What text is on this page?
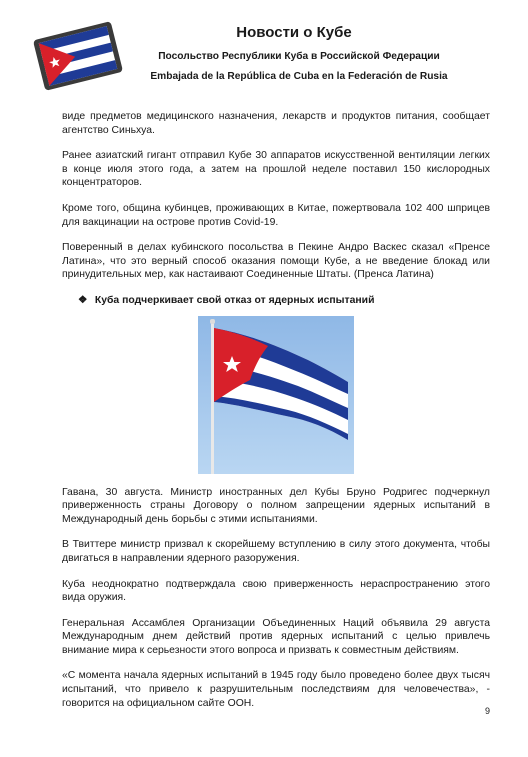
Новости о Кубе
Посольство Республики Куба в Российской Федерации
Embajada de la República de Cuba en la Federación de Rusia

виде предметов медицинского назначения, лекарств и продуктов питания, сообщает агентство Синьхуа.

Ранее азиатский гигант отправил Кубе 30 аппаратов искусственной вентиляции легких в конце июля этого года, а затем на прошлой неделе поставил 150 кислородных концентраторов.

Кроме того, община кубинцев, проживающих в Китае, пожертвовала 102 400 шприцев для вакцинации на острове против Covid-19.

Поверенный в делах кубинского посольства в Пекине Андро Васкес сказал «Пренсе Латина», что это верный способ оказания помощи Кубе, а не введение блокад или принудительных мер, как настаивают Соединенные Штаты. (Пренса Латина)

❖ Куба подчеркивает свой отказ от ядерных испытаний

Гавана, 30 августа. Министр иностранных дел Кубы Бруно Родригес подчеркнул приверженность страны Договору о полном запрещении ядерных испытаний в Международный день борьбы с этими испытаниями.

В Твиттере министр призвал к скорейшему вступлению в силу этого документа, чтобы двигаться в направлении ядерного разоружения.

Куба неоднократно подтверждала свою приверженность нераспространению этого вида оружия.

Генеральная Ассамблея Организации Объединенных Наций объявила 29 августа Международным днем действий против ядерных испытаний с целью привлечь внимание мира к серьезности этого вопроса и призвать к совместным действиям.

«С момента начала ядерных испытаний в 1945 году было проведено более двух тысяч испытаний, что привело к разрушительным последствиям для человечества», - говорится на официальном сайте ООН.

9
